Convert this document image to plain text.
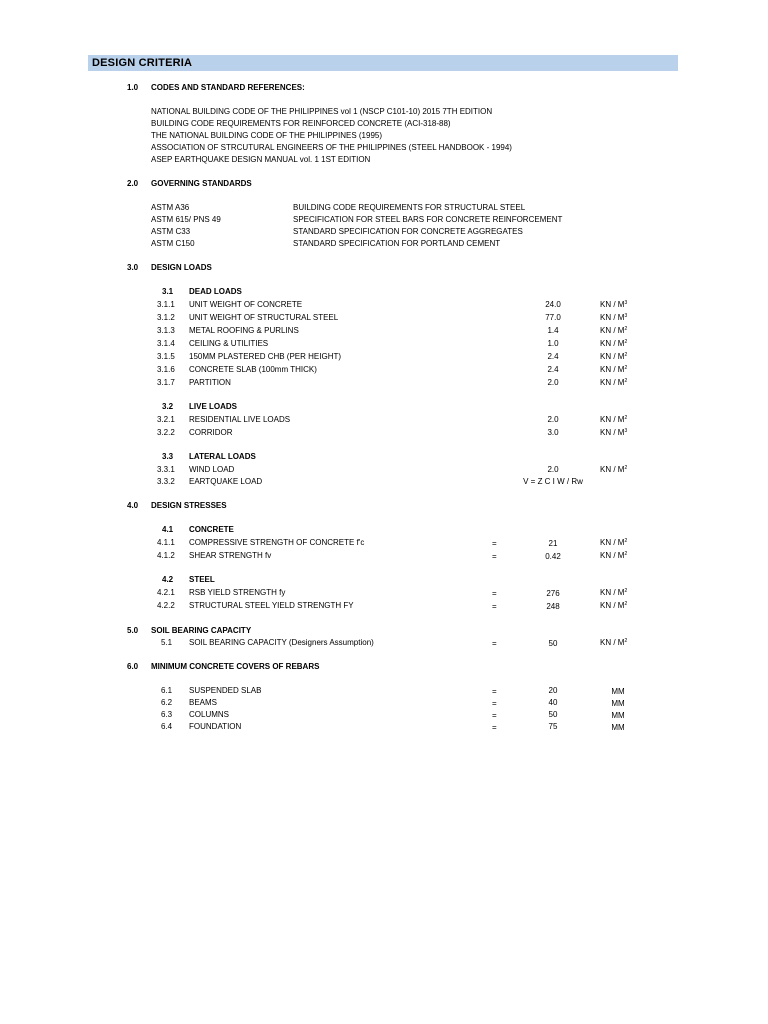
DESIGN CRITERIA
1.0 CODES AND STANDARD REFERENCES:
NATIONAL BUILDING CODE OF THE PHILIPPINES vol 1 (NSCP C101-10) 2015 7TH EDITION
BUILDING CODE REQUIREMENTS FOR REINFORCED CONCRETE (ACI-318-88)
THE NATIONAL BUILDING CODE OF THE PHILIPPINES (1995)
ASSOCIATION OF STRCUTURAL ENGINEERS OF THE PHILIPPINES (STEEL HANDBOOK - 1994)
ASEP EARTHQUAKE DESIGN MANUAL vol. 1 1ST EDITION
2.0 GOVERNING STANDARDS
ASTM A36	BUILDING CODE REQUIREMENTS FOR STRUCTURAL STEEL
ASTM 615/ PNS 49	SPECIFICATION FOR STEEL BARS FOR CONCRETE REINFORCEMENT
ASTM C33	STANDARD SPECIFICATION FOR CONCRETE AGGREGATES
ASTM C150	STANDARD SPECIFICATION FOR PORTLAND CEMENT
3.0 DESIGN LOADS
3.1 DEAD LOADS
3.1.1 UNIT WEIGHT OF CONCRETE	24.0	KN / $M^3$
3.1.2 UNIT WEIGHT OF STRUCTURAL STEEL	77.0	KN / $M^3$
3.1.3 METAL ROOFING & PURLINS	1.4	KN / $M^2$
3.1.4 CEILING & UTILITIES	1.0	KN / $M^2$
3.1.5 150MM PLASTERED CHB (PER HEIGHT)	2.4	KN / $M^2$
3.1.6 CONCRETE SLAB (100mm THICK)	2.4	KN / $M^2$
3.1.7 PARTITION	2.0	KN / $M^2$
3.2 LIVE LOADS
3.2.1 RESIDENTIAL LIVE LOADS	2.0	KN / $M^2$
3.2.2 CORRIDOR	3.0	KN / $M^3$
3.3 LATERAL LOADS
3.3.1 WIND LOAD	2.0	KN / $M^2$
3.3.2 EARTQUAKE LOAD	V = Z C I W / Rw
4.0 DESIGN STRESSES
4.1 CONCRETE
4.1.1 COMPRESSIVE STRENGTH OF CONCRETE f'c	=	21	KN / $M^2$
4.1.2 SHEAR STRENGTH fv	=	0.42	KN / $M^2$
4.2 STEEL
4.2.1 RSB YIELD STRENGTH fy	=	276	KN / $M^2$
4.2.2 STRUCTURAL STEEL YIELD STRENGTH FY	=	248	KN / $M^2$
5.0 SOIL BEARING CAPACITY
5.1 SOIL BEARING CAPACITY (Designers Assumption)	=	50	KN / $M^2$
6.0 MINIMUM CONCRETE COVERS OF REBARS
6.1 SUSPENDED SLAB	=	20	MM
6.2 BEAMS	=	40	MM
6.3 COLUMNS	=	50	MM
6.4 FOUNDATION	=	75	MM
